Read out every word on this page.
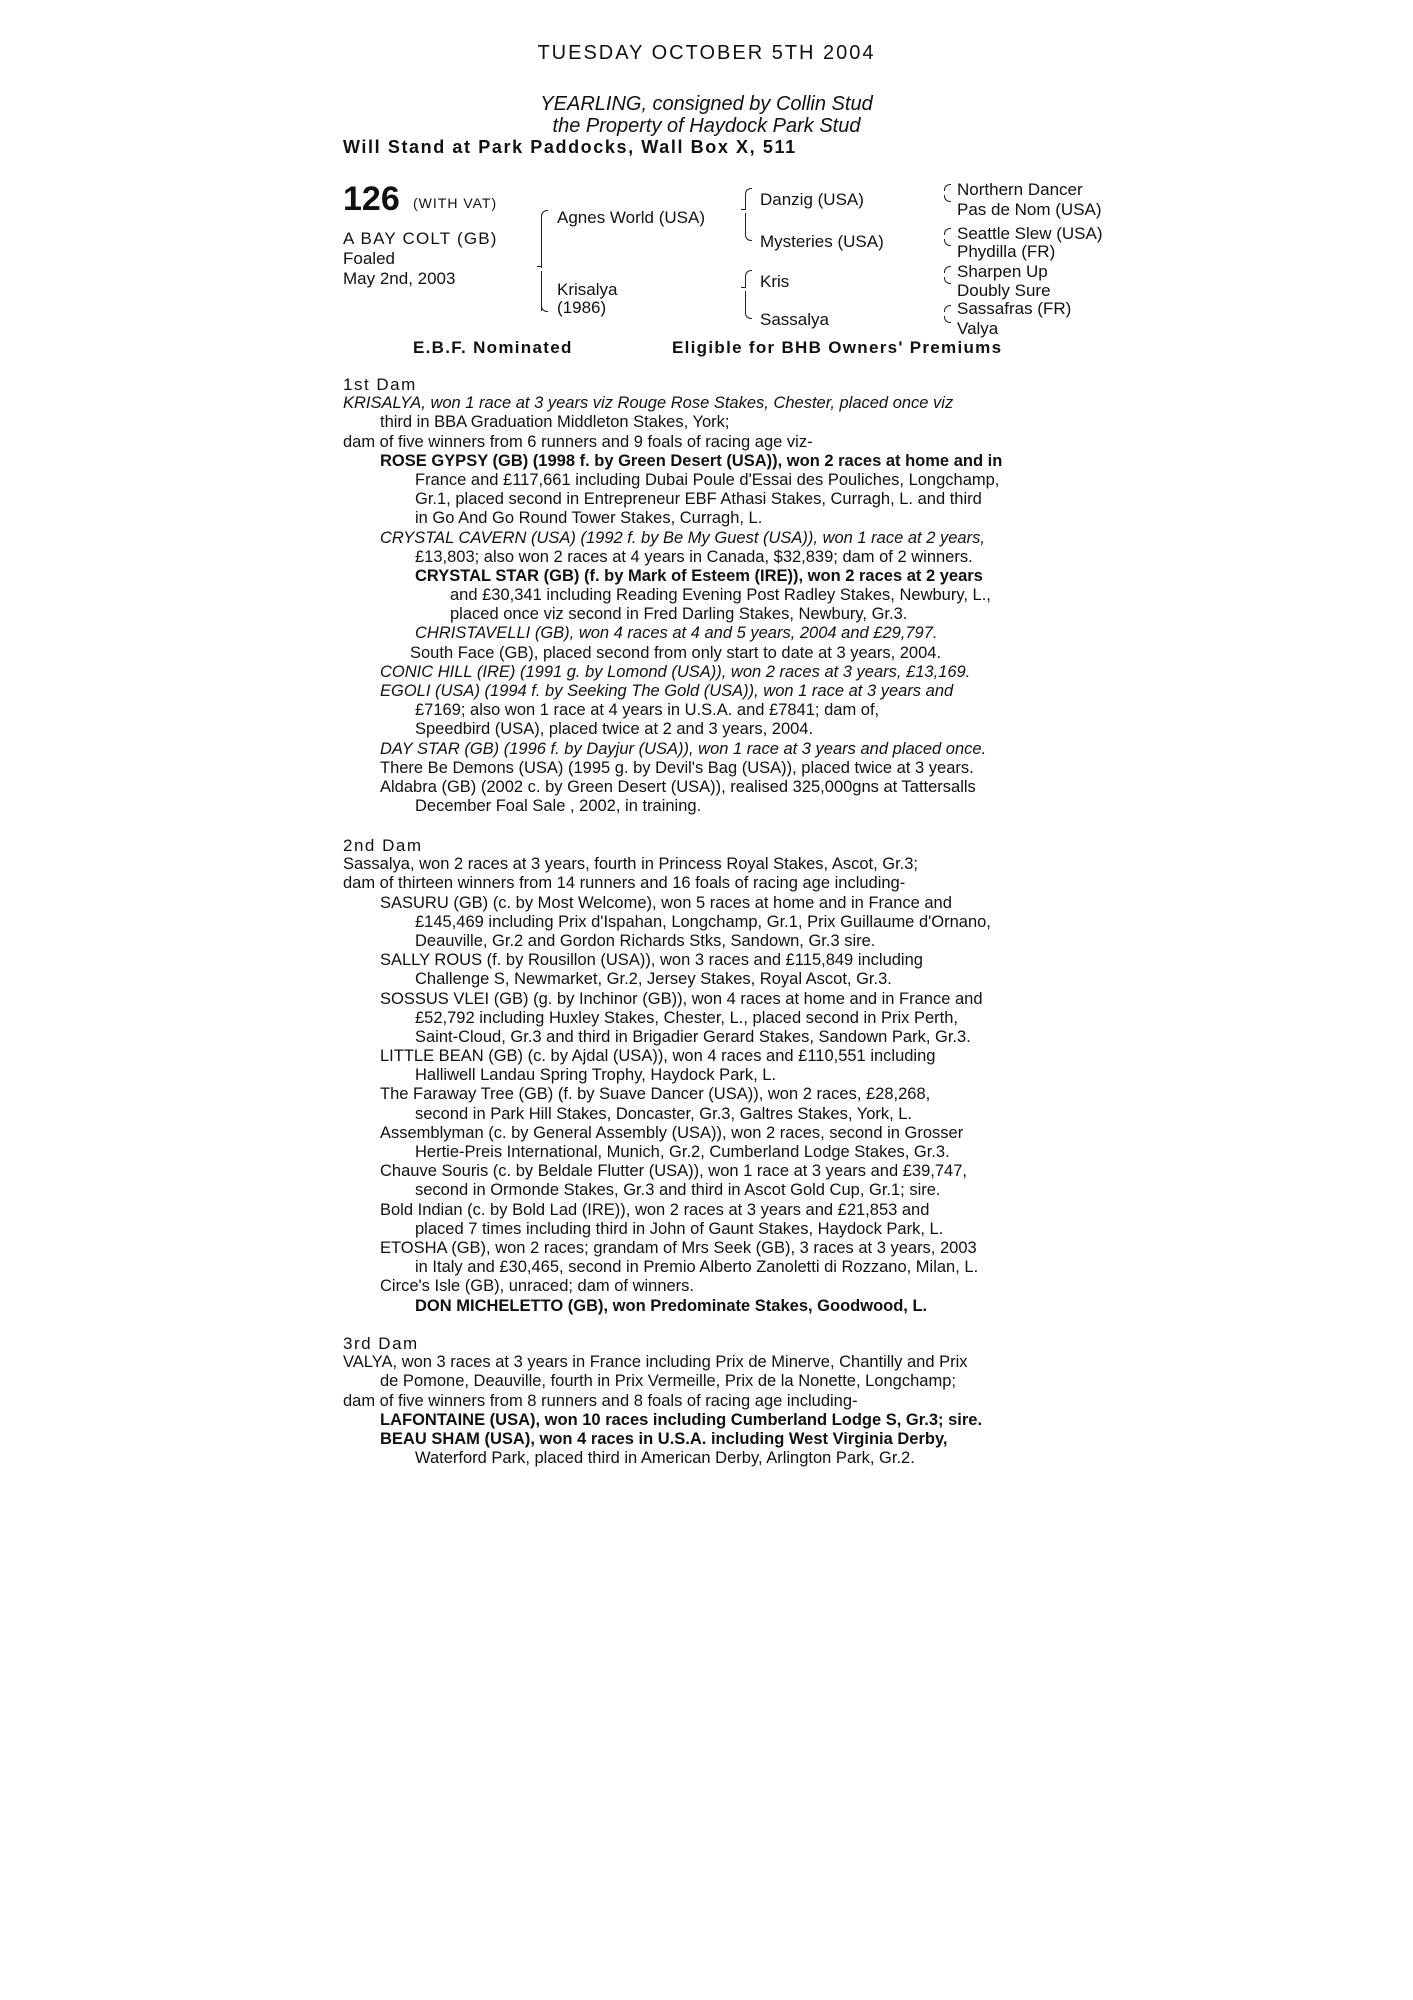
TUESDAY OCTOBER 5TH 2004
YEARLING, consigned by Collin Stud
the Property of Haydock Park Stud
Will Stand at Park Paddocks, Wall Box X, 511
126 (WITH VAT)
A BAY COLT (GB)
Foaled
May 2nd, 2003
Agnes World (USA)
Krisalya
(1986)
Danzig (USA)
Mysteries (USA)
Kris
Sassalya
Northern Dancer
Pas de Nom (USA)
Seattle Slew (USA)
Phydilla (FR)
Sharpen Up
Doubly Sure
Sassafras (FR)
Valya
E.B.F. Nominated	Eligible for BHB Owners' Premiums
1st Dam
KRISALYA, won 1 race at 3 years viz Rouge Rose Stakes, Chester, placed once viz
third in BBA Graduation Middleton Stakes, York;
dam of five winners from 6 runners and 9 foals of racing age viz-
ROSE GYPSY (GB) (1998 f. by Green Desert (USA)), won 2 races at home and in
France and £117,661 including Dubai Poule d'Essai des Pouliches, Longchamp,
Gr.1, placed second in Entrepreneur EBF Athasi Stakes, Curragh, L. and third
in Go And Go Round Tower Stakes, Curragh, L.
CRYSTAL CAVERN (USA) (1992 f. by Be My Guest (USA)), won 1 race at 2 years,
£13,803; also won 2 races at 4 years in Canada, $32,839; dam of 2 winners.
CRYSTAL STAR (GB) (f. by Mark of Esteem (IRE)), won 2 races at 2 years
and £30,341 including Reading Evening Post Radley Stakes, Newbury, L.,
placed once viz second in Fred Darling Stakes, Newbury, Gr.3.
CHRISTAVELLI (GB), won 4 races at 4 and 5 years, 2004 and £29,797.
South Face (GB), placed second from only start to date at 3 years, 2004.
CONIC HILL (IRE) (1991 g. by Lomond (USA)), won 2 races at 3 years, £13,169.
EGOLI (USA) (1994 f. by Seeking The Gold (USA)), won 1 race at 3 years and
£7169; also won 1 race at 4 years in U.S.A. and £7841; dam of,
Speedbird (USA), placed twice at 2 and 3 years, 2004.
DAY STAR (GB) (1996 f. by Dayjur (USA)), won 1 race at 3 years and placed once.
There Be Demons (USA) (1995 g. by Devil's Bag (USA)), placed twice at 3 years.
Aldabra (GB) (2002 c. by Green Desert (USA)), realised 325,000gns at Tattersalls
December Foal Sale , 2002, in training.
2nd Dam
Sassalya, won 2 races at 3 years, fourth in Princess Royal Stakes, Ascot, Gr.3;
dam of thirteen winners from 14 runners and 16 foals of racing age including-
SASURU (GB) (c. by Most Welcome), won 5 races at home and in France and
£145,469 including Prix d'Ispahan, Longchamp, Gr.1, Prix Guillaume d'Ornano,
Deauville, Gr.2 and Gordon Richards Stks, Sandown, Gr.3 sire.
SALLY ROUS (f. by Rousillon (USA)), won 3 races and £115,849 including
Challenge S, Newmarket, Gr.2, Jersey Stakes, Royal Ascot, Gr.3.
SOSSUS VLEI (GB) (g. by Inchinor (GB)), won 4 races at home and in France and
£52,792 including Huxley Stakes, Chester, L., placed second in Prix Perth,
Saint-Cloud, Gr.3 and third in Brigadier Gerard Stakes, Sandown Park, Gr.3.
LITTLE BEAN (GB) (c. by Ajdal (USA)), won 4 races and £110,551 including
Halliwell Landau Spring Trophy, Haydock Park, L.
The Faraway Tree (GB) (f. by Suave Dancer (USA)), won 2 races, £28,268,
second in Park Hill Stakes, Doncaster, Gr.3, Galtres Stakes, York, L.
Assemblyman (c. by General Assembly (USA)), won 2 races, second in Grosser
Hertie-Preis International, Munich, Gr.2, Cumberland Lodge Stakes, Gr.3.
Chauve Souris (c. by Beldale Flutter (USA)), won 1 race at 3 years and £39,747,
second in Ormonde Stakes, Gr.3 and third in Ascot Gold Cup, Gr.1; sire.
Bold Indian (c. by Bold Lad (IRE)), won 2 races at 3 years and £21,853 and
placed 7 times including third in John of Gaunt Stakes, Haydock Park, L.
ETOSHA (GB), won 2 races; grandam of Mrs Seek (GB), 3 races at 3 years, 2003
in Italy and £30,465, second in Premio Alberto Zanoletti di Rozzano, Milan, L.
Circe's Isle (GB), unraced; dam of winners.
DON MICHELETTO (GB), won Predominate Stakes, Goodwood, L.
3rd Dam
VALYA, won 3 races at 3 years in France including Prix de Minerve, Chantilly and Prix
de Pomone, Deauville, fourth in Prix Vermeille, Prix de la Nonette, Longchamp;
dam of five winners from 8 runners and 8 foals of racing age including-
LAFONTAINE (USA), won 10 races including Cumberland Lodge S, Gr.3; sire.
BEAU SHAM (USA), won 4 races in U.S.A. including West Virginia Derby,
Waterford Park, placed third in American Derby, Arlington Park, Gr.2.
